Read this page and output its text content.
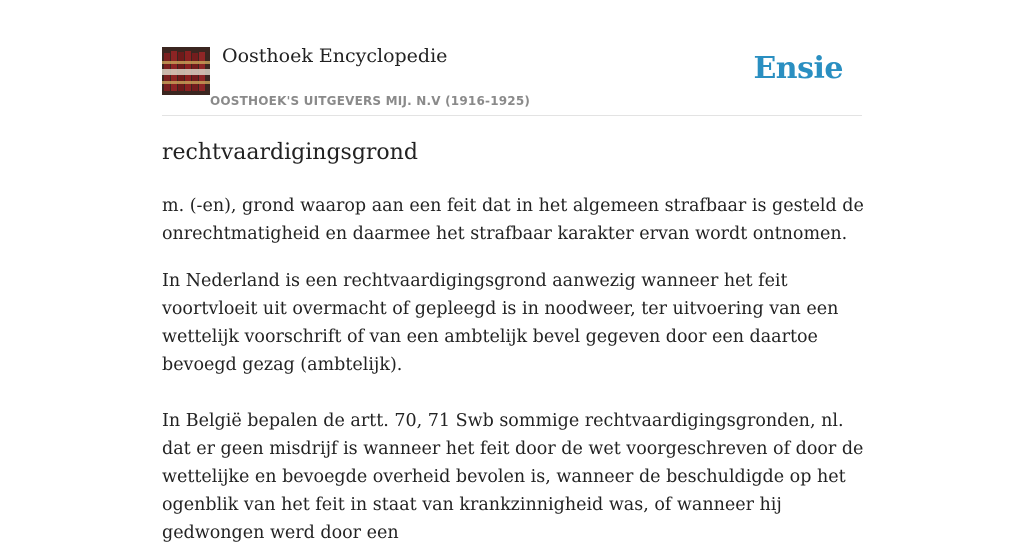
Oosthoek Encyclopedie
OOSTHOEK'S UITGEVERS MIJ. N.V (1916-1925)
Ensie
rechtvaardigingsgrond

m. (-en), grond waarop aan een feit dat in het algemeen strafbaar is gesteld de onrechtmatigheid en daarmee het strafbaar karakter ervan wordt ontnomen.

In Nederland is een rechtvaardigingsgrond aanwezig wanneer het feit voortvloeit uit overmacht of gepleegd is in noodweer, ter uitvoering van een wettelijk voorschrift of van een ambtelijk bevel gegeven door een daartoe bevoegd gezag (ambtelijk).

In België bepalen de artt. 70, 71 Swb sommige rechtvaardigingsgronden, nl. dat er geen misdrijf is wanneer het feit door de wet voorgeschreven of door de wettelijke en bevoegde overheid bevolen is, wanneer de beschuldigde op het ogenblik van het feit in staat van krankzinnigheid was, of wanneer hij gedwongen werd door een
